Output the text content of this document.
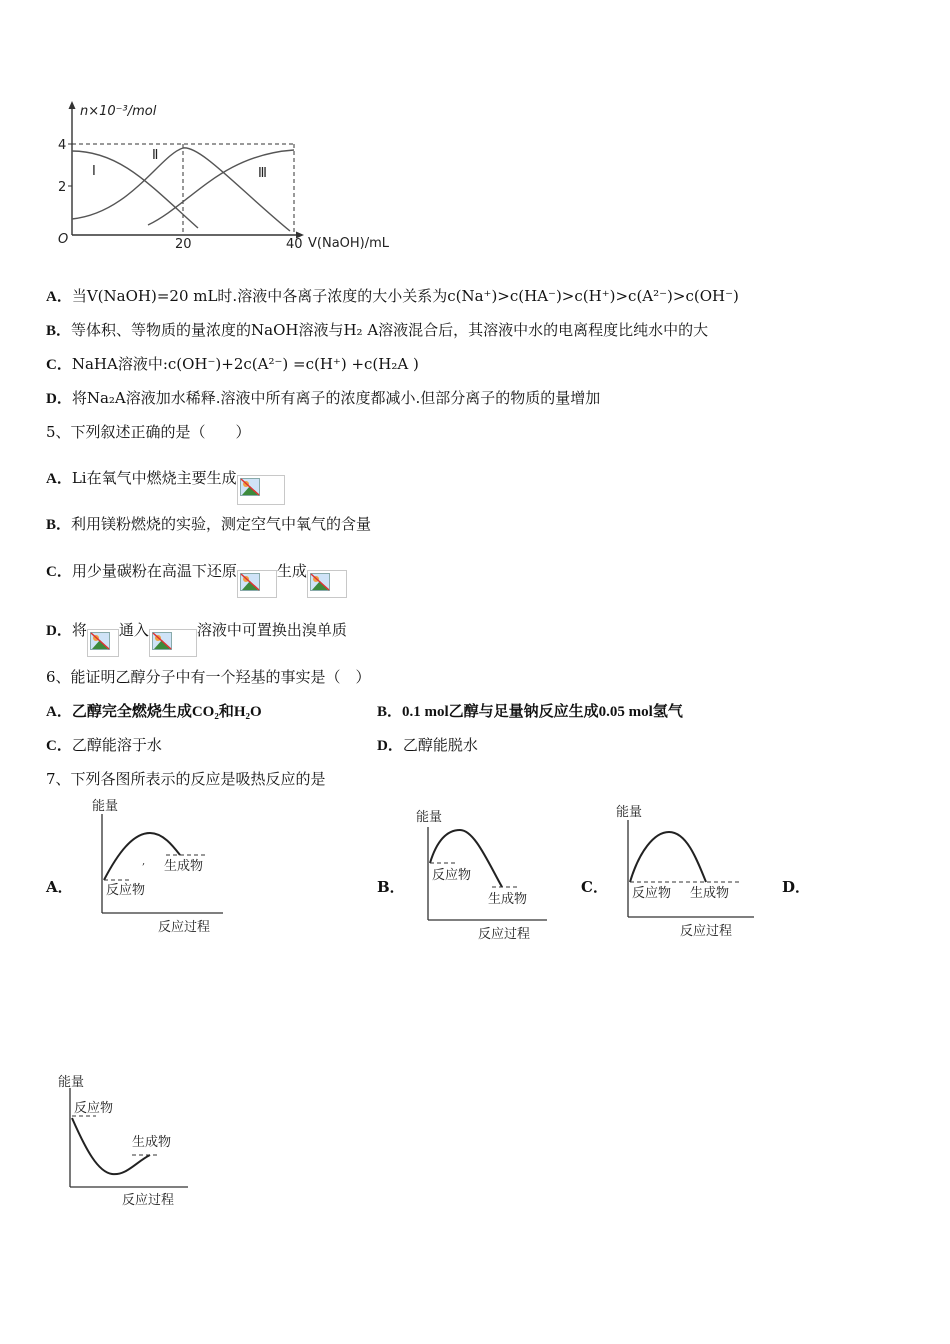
n×10⁻³/mol
V(NaOH)/mL
O
4
2
20	40
Ⅰ
Ⅱ
Ⅲ
A．当V(NaOH)=20 mL时.溶液中各离子浓度的大小关系为c(Na⁺)>c(HA⁻)>c(H⁺)>c(A²⁻)>c(OH⁻)
B．等体积、等物质的量浓度的NaOH溶液与H₂ A溶液混合后，其溶液中水的电离程度比纯水中的大
C．NaHA溶液中:c(OH⁻)+2c(A²⁻) =c(H⁺) +c(H₂A )
D．将Na₂A溶液加水稀释.溶液中所有离子的浓度都减小.但部分离子的物质的量增加
5、下列叙述正确的是（　　）
A．Li在氧气中燃烧主要生成
B．利用镁粉燃烧的实验，测定空气中氧气的含量
C．用少量碳粉在高温下还原	生成
D．将 通入	溶液中可置换出溴单质
6、能证明乙醇分子中有一个羟基的事实是（　）
A．乙醇完全燃烧生成CO₂和H₂O	B．0.1 mol乙醇与足量钠反应生成0.05 mol氢气
C．乙醇能溶于水	D．乙醇能脱水
7、下列各图所表示的反应是吸热反应的是
A．	B．	C．	D．
,
能量
反应物
生成物
反应过程
能量
反应物
生成物
反应过程
能量
反应物 生成物
反应过程
能量
反应物
生成物
反应过程
